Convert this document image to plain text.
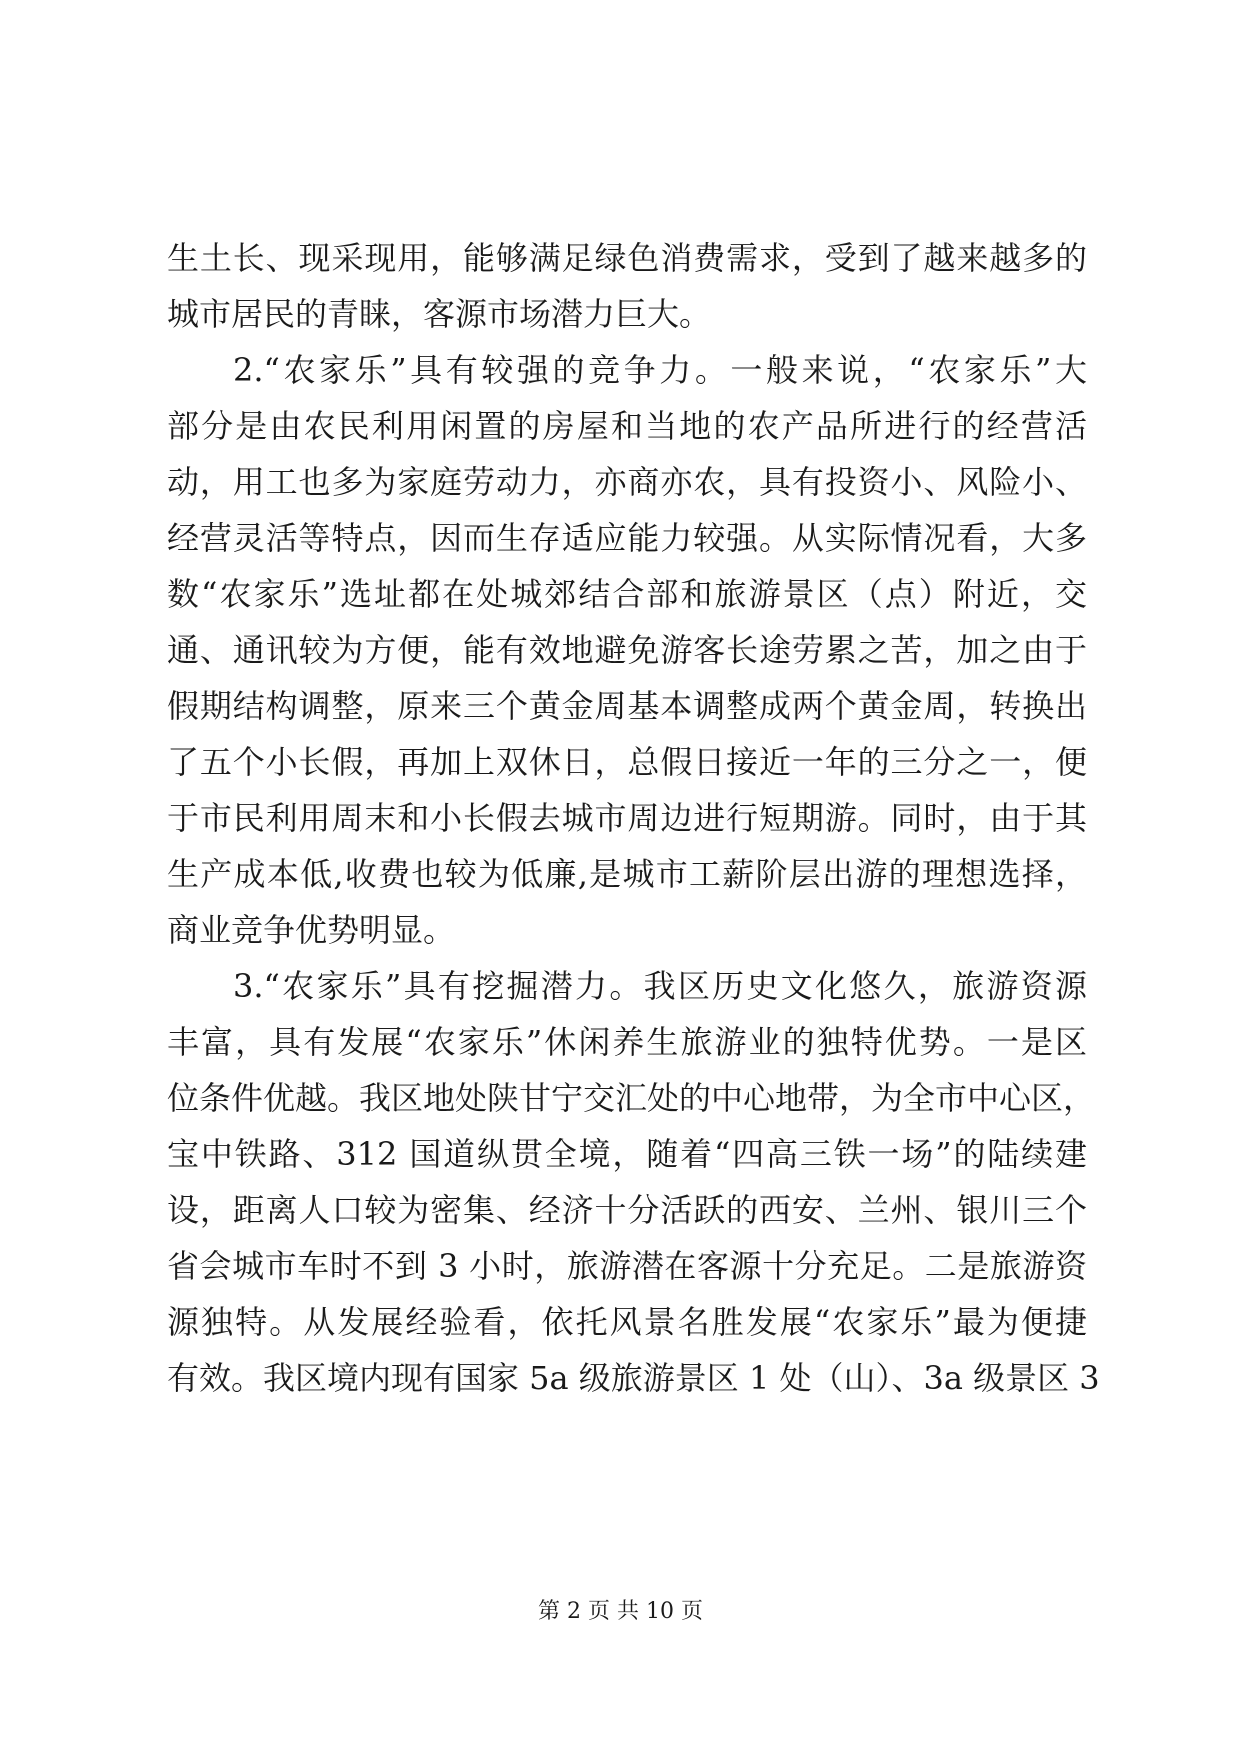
生土长、现采现用，能够满足绿色消费需求，受到了越来越多的
城市居民的青睐，客源市场潜力巨大。
2.“农家乐”具有较强的竞争力。一般来说，“农家乐”大
部分是由农民利用闲置的房屋和当地的农产品所进行的经营活
动，用工也多为家庭劳动力，亦商亦农，具有投资小、风险小、
经营灵活等特点，因而生存适应能力较强。从实际情况看，大多
数“农家乐”选址都在处城郊结合部和旅游景区（点）附近，交
通、通讯较为方便，能有效地避免游客长途劳累之苦，加之由于
假期结构调整，原来三个黄金周基本调整成两个黄金周，转换出
了五个小长假，再加上双休日，总假日接近一年的三分之一，便
于市民利用周末和小长假去城市周边进行短期游。同时，由于其
生产成本低,收费也较为低廉,是城市工薪阶层出游的理想选择，
商业竞争优势明显。
3.“农家乐”具有挖掘潜力。我区历史文化悠久，旅游资源
丰富，具有发展“农家乐”休闲养生旅游业的独特优势。一是区
位条件优越。我区地处陕甘宁交汇处的中心地带，为全市中心区，
宝中铁路、312 国道纵贯全境，随着“四高三铁一场”的陆续建
设，距离人口较为密集、经济十分活跃的西安、兰州、银川三个
省会城市车时不到 3 小时，旅游潜在客源十分充足。二是旅游资
源独特。从发展经验看，依托风景名胜发展“农家乐”最为便捷
有效。我区境内现有国家 5a 级旅游景区 1 处（山）、3a 级景区 3
第 2 页 共 10 页
